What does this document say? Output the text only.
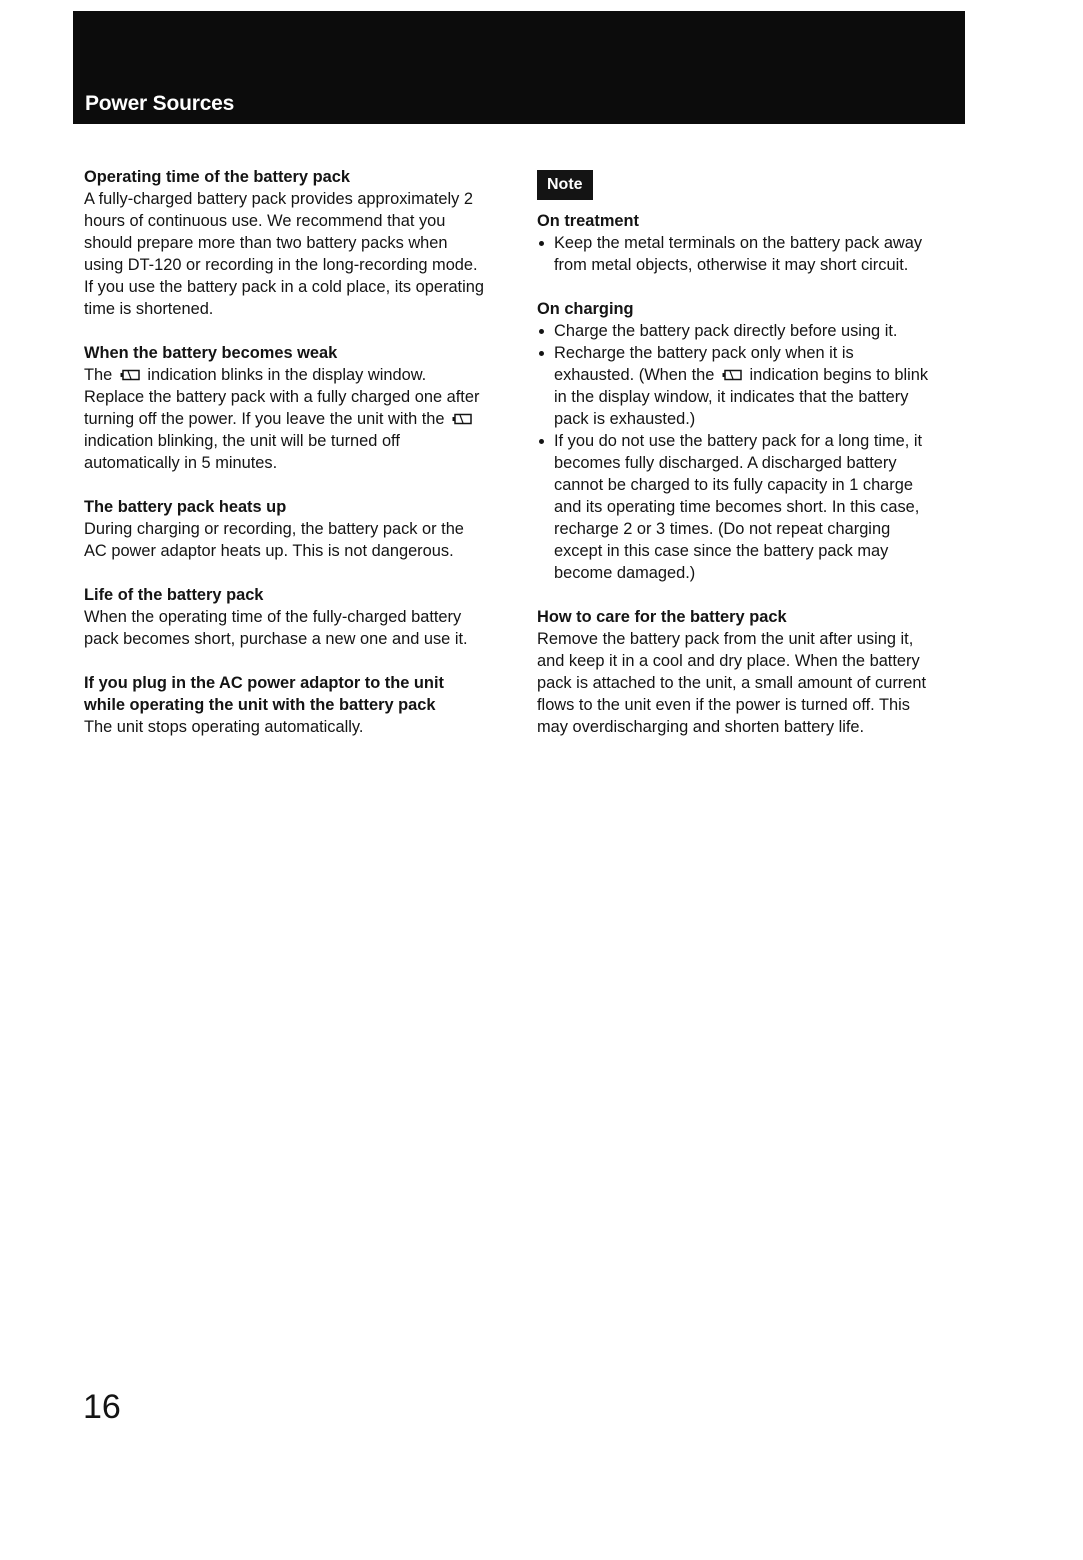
Power Sources
Operating time of the battery pack

A fully-charged battery pack provides approximately 2 hours of continuous use. We recommend that you should prepare more than two battery packs when using DT-120 or recording in the long-recording mode.

If you use the battery pack in a cold place, its operating time is shortened.

When the battery becomes weak

The indication blinks in the display window. Replace the battery pack with a fully charged one after turning off the power. If you leave the unit with the  indication blinking, the unit will be turned off automatically in 5 minutes.

The battery pack heats up

During charging or recording, the battery pack or the AC power adaptor heats up. This is not dangerous.

Life of the battery pack

When the operating time of the fully-charged battery pack becomes short, purchase a new one and use it.

If you plug in the AC power adaptor to the unit while operating the unit with the battery pack

The unit stops operating automatically.

Note
On treatment
Keep the metal terminals on the battery pack away from metal objects, otherwise it may short circuit.
On charging
Charge the battery pack directly before using it.
Recharge the battery pack only when it is exhausted. (When the indication begins to blink in the display window, it indicates that the battery pack is exhausted.)
If you do not use the battery pack for a long time, it becomes fully discharged. A discharged battery cannot be charged to its fully capacity in 1 charge and its operating time becomes short. In this case, recharge 2 or 3 times. (Do not repeat charging except in this case since the battery pack may become damaged.)
How to care for the battery pack

Remove the battery pack from the unit after using it, and keep it in a cool and dry place. When the battery pack is attached to the unit, a small amount of current flows to the unit even if the power is turned off. This may overdischarging and shorten battery life.

16
